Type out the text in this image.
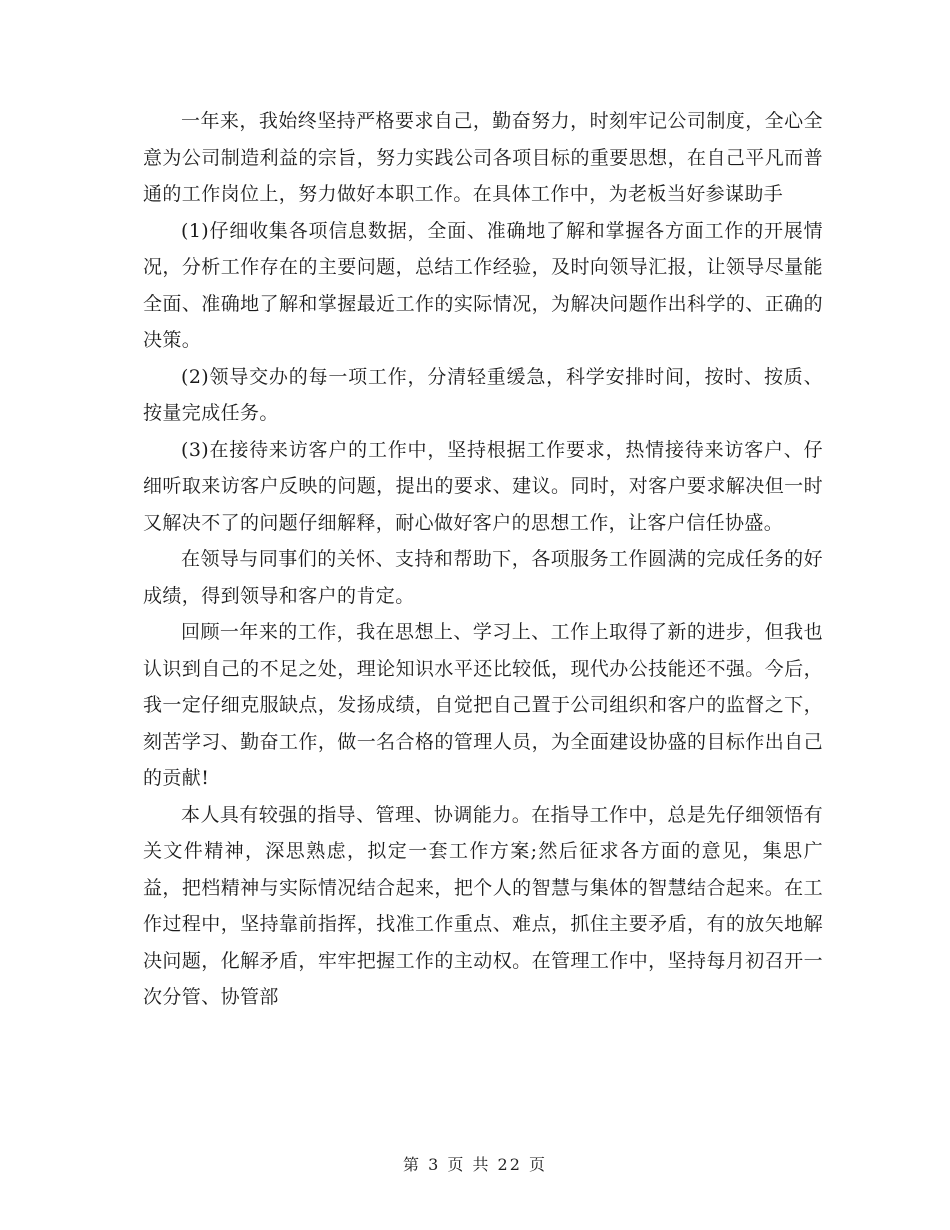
一年来，我始终坚持严格要求自己，勤奋努力，时刻牢记公司制度，全心全意为公司制造利益的宗旨，努力实践公司各项目标的重要思想，在自己平凡而普通的工作岗位上，努力做好本职工作。在具体工作中，为老板当好参谋助手

(1)仔细收集各项信息数据，全面、准确地了解和掌握各方面工作的开展情况，分析工作存在的主要问题，总结工作经验，及时向领导汇报，让领导尽量能全面、准确地了解和掌握最近工作的实际情况，为解决问题作出科学的、正确的决策。

(2)领导交办的每一项工作，分清轻重缓急，科学安排时间，按时、按质、按量完成任务。

(3)在接待来访客户的工作中，坚持根据工作要求，热情接待来访客户、仔细听取来访客户反映的问题，提出的要求、建议。同时，对客户要求解决但一时又解决不了的问题仔细解释，耐心做好客户的思想工作，让客户信任协盛。

在领导与同事们的关怀、支持和帮助下，各项服务工作圆满的完成任务的好成绩，得到领导和客户的肯定。

回顾一年来的工作，我在思想上、学习上、工作上取得了新的进步，但我也认识到自己的不足之处，理论知识水平还比较低，现代办公技能还不强。今后，我一定仔细克服缺点，发扬成绩，自觉把自己置于公司组织和客户的监督之下，刻苦学习、勤奋工作，做一名合格的管理人员，为全面建设协盛的目标作出自己的贡献!

本人具有较强的指导、管理、协调能力。在指导工作中，总是先仔细领悟有关文件精神，深思熟虑，拟定一套工作方案;然后征求各方面的意见，集思广益，把档精神与实际情况结合起来，把个人的智慧与集体的智慧结合起来。在工作过程中，坚持靠前指挥，找准工作重点、难点，抓住主要矛盾，有的放矢地解决问题，化解矛盾，牢牢把握工作的主动权。在管理工作中，坚持每月初召开一次分管、协管部

第 3 页 共 22 页
